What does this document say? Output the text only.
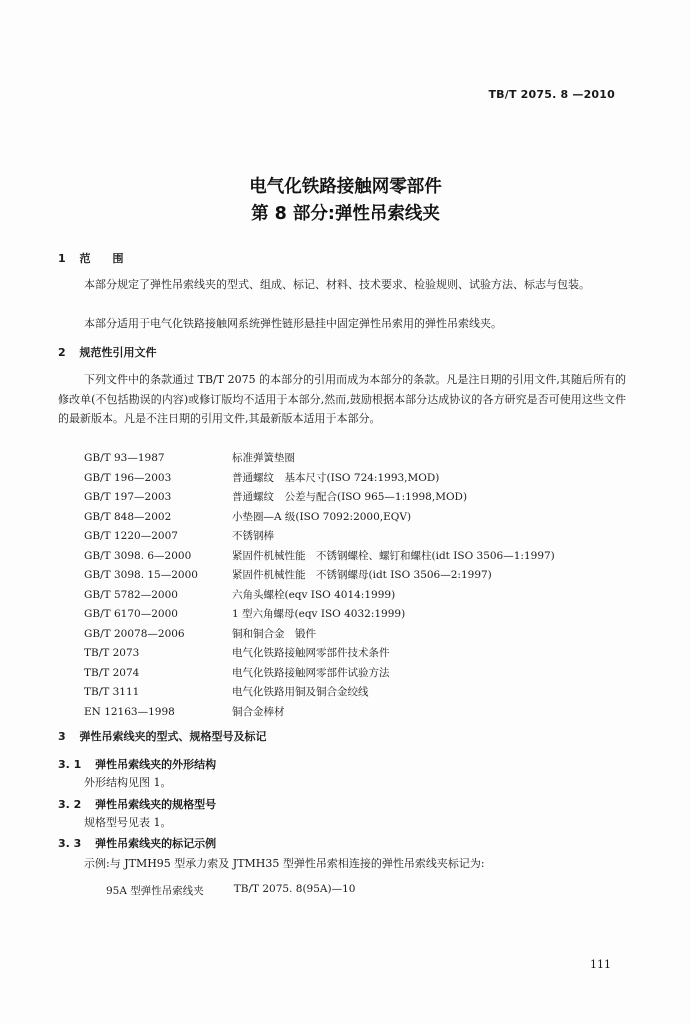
TB/T 2075. 8 —2010
电气化铁路接触网零部件
第 8 部分:弹性吊索线夹
1 范　　围

本部分规定了弹性吊索线夹的型式、组成、标记、材料、技术要求、检验规则、试验方法、标志与包装。

本部分适用于电气化铁路接触网系统弹性链形悬挂中固定弹性吊索用的弹性吊索线夹。

2 规范性引用文件

下列文件中的条款通过 TB/T 2075 的本部分的引用而成为本部分的条款。凡是注日期的引用文件,其随后所有的修改单(不包括勘误的内容)或修订版均不适用于本部分,然而,鼓励根据本部分达成协议的各方研究是否可使用这些文件的最新版本。凡是不注日期的引用文件,其最新版本适用于本部分。

GB/T 93—1987	标准弹簧垫圈
GB/T 196—2003	普通螺纹　基本尺寸(ISO 724:1993,MOD)
GB/T 197—2003	普通螺纹　公差与配合(ISO 965—1:1998,MOD)
GB/T 848—2002	小垫圈—A 级(ISO 7092:2000,EQV)
GB/T 1220—2007	不锈钢棒
GB/T 3098. 6—2000	紧固件机械性能　不锈钢螺栓、螺钉和螺柱(idt ISO 3506—1:1997)
GB/T 3098. 15—2000	紧固件机械性能　不锈钢螺母(idt ISO 3506—2:1997)
GB/T 5782—2000	六角头螺栓(eqv ISO 4014:1999)
GB/T 6170—2000	1 型六角螺母(eqv ISO 4032:1999)
GB/T 20078—2006	铜和铜合金　锻件
TB/T 2073	电气化铁路接触网零部件技术条件
TB/T 2074	电气化铁路接触网零部件试验方法
TB/T 3111	电气化铁路用铜及铜合金绞线
EN 12163—1998	铜合金棒材
3 弹性吊索线夹的型式、规格型号及标记
3. 1 弹性吊索线夹的外形结构
外形结构见图 1。
3. 2 弹性吊索线夹的规格型号
规格型号见表 1。
3. 3 弹性吊索线夹的标记示例
示例:与 JTMH95 型承力索及 JTMH35 型弹性吊索相连接的弹性吊索线夹标记为:
95A 型弹性吊索线夹	TB/T 2075. 8(95A)—10
111
